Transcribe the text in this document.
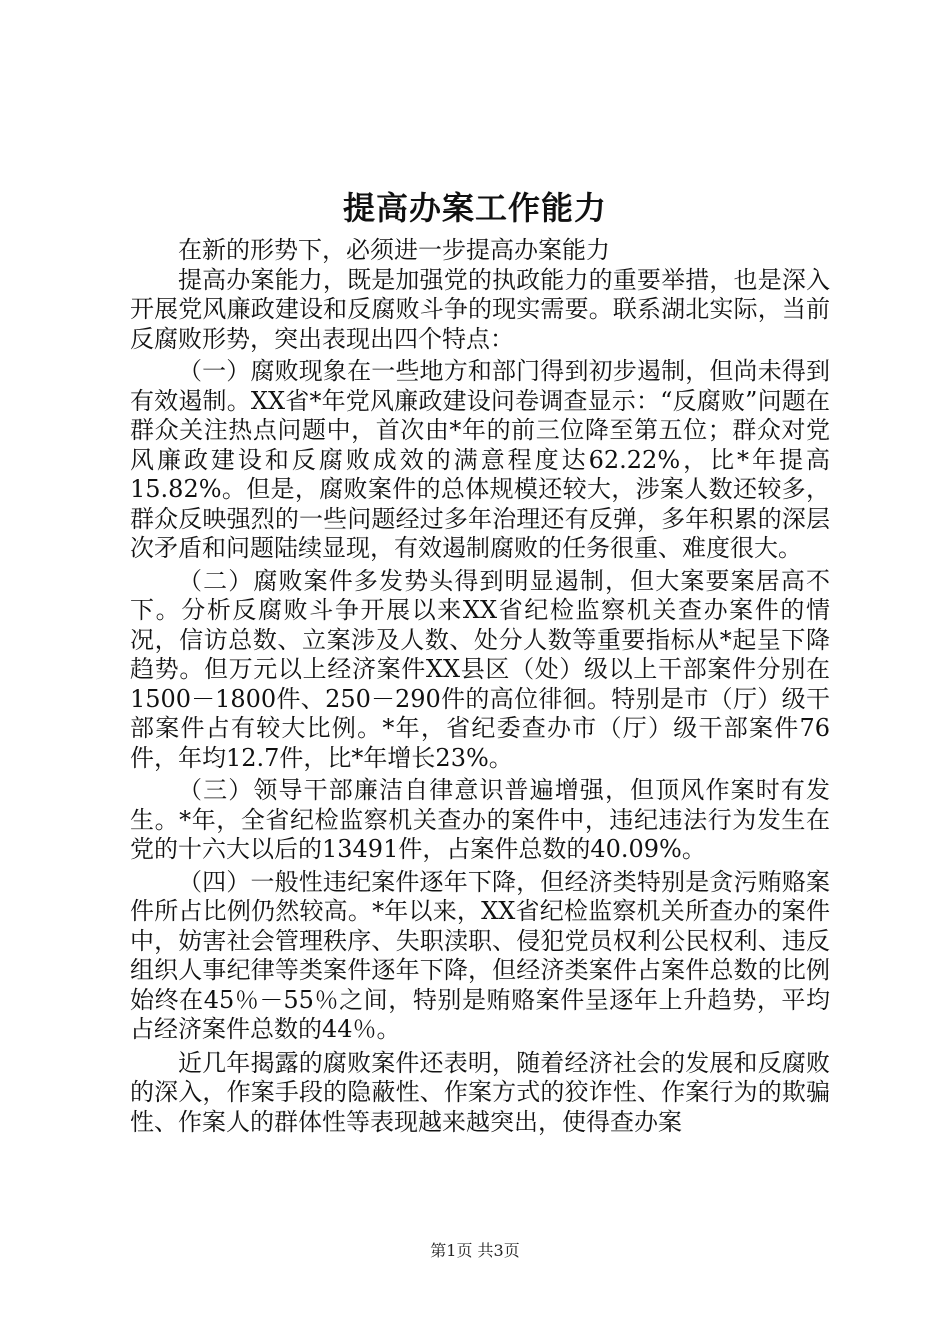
提高办案工作能力

在新的形势下，必须进一步提高办案能力

提高办案能力，既是加强党的执政能力的重要举措，也是深入开展党风廉政建设和反腐败斗争的现实需要。联系湖北实际，当前反腐败形势，突出表现出四个特点：

（一）腐败现象在一些地方和部门得到初步遏制，但尚未得到有效遏制。XX省*年党风廉政建设问卷调查显示：“反腐败”问题在群众关注热点问题中，首次由*年的前三位降至第五位；群众对党风廉政建设和反腐败成效的满意程度达62.22%，比*年提高15.82%。但是，腐败案件的总体规模还较大，涉案人数还较多，群众反映强烈的一些问题经过多年治理还有反弹，多年积累的深层次矛盾和问题陆续显现，有效遏制腐败的任务很重、难度很大。

（二）腐败案件多发势头得到明显遏制，但大案要案居高不下。分析反腐败斗争开展以来XX省纪检监察机关查办案件的情况，信访总数、立案涉及人数、处分人数等重要指标从*起呈下降趋势。但万元以上经济案件XX县区（处）级以上干部案件分别在1500－1800件、250－290件的高位徘徊。特别是市（厅）级干部案件占有较大比例。*年，省纪委查办市（厅）级干部案件76件，年均12.7件，比*年增长23%。

（三）领导干部廉洁自律意识普遍增强，但顶风作案时有发生。*年，全省纪检监察机关查办的案件中，违纪违法行为发生在党的十六大以后的13491件，占案件总数的40.09%。

（四）一般性违纪案件逐年下降，但经济类特别是贪污贿赂案件所占比例仍然较高。*年以来，XX省纪检监察机关所查办的案件中，妨害社会管理秩序、失职渎职、侵犯党员权利公民权利、违反组织人事纪律等类案件逐年下降，但经济类案件占案件总数的比例始终在45％－55％之间，特别是贿赂案件呈逐年上升趋势，平均占经济案件总数的44％。

近几年揭露的腐败案件还表明，随着经济社会的发展和反腐败的深入，作案手段的隐蔽性、作案方式的狡诈性、作案行为的欺骗性、作案人的群体性等表现越来越突出，使得查办案

第1页 共3页
